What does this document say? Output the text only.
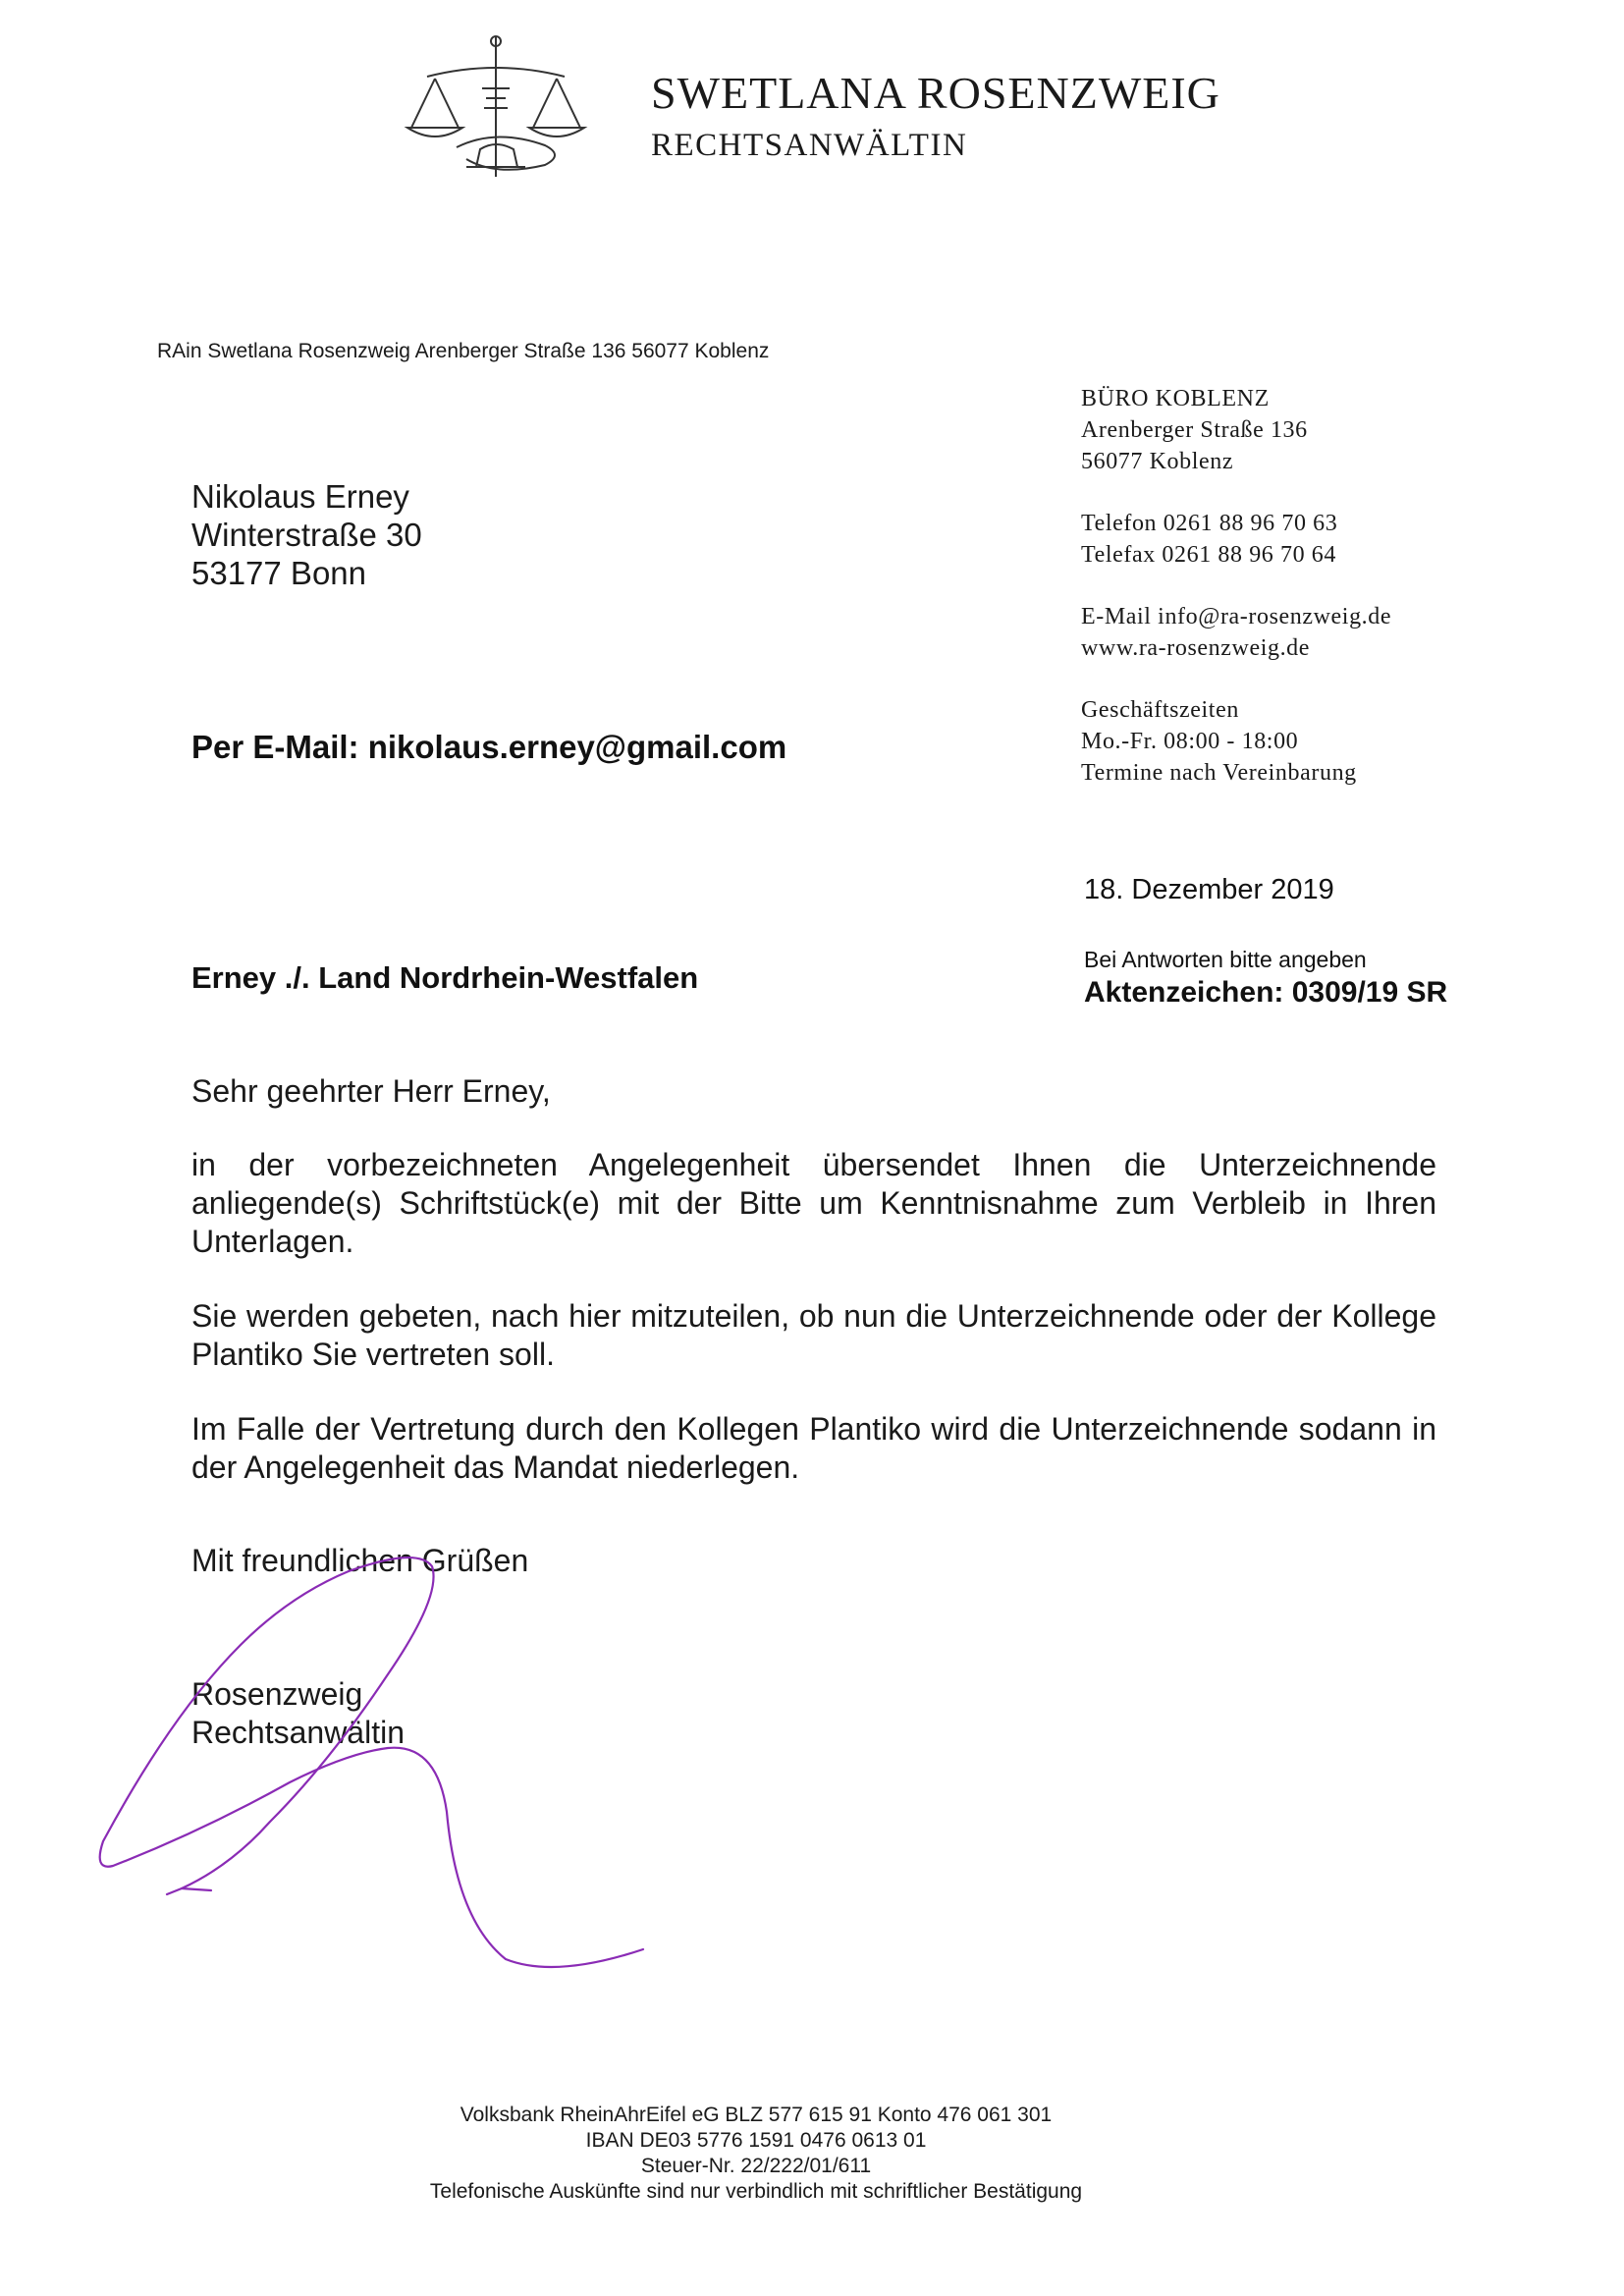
SWETLANA ROSENZWEIG
RECHTSANWÄLTIN
RAin Swetlana Rosenzweig Arenberger Straße 136 56077 Koblenz
Nikolaus Erney
Winterstraße 30
53177 Bonn
Per E-Mail: nikolaus.erney@gmail.com
BÜRO KOBLENZ
Arenberger Straße 136
56077 Koblenz
Telefon 0261 88 96 70 63
Telefax 0261 88 96 70 64
E-Mail info@ra-rosenzweig.de
www.ra-rosenzweig.de
Geschäftszeiten
Mo.-Fr. 08:00 - 18:00
Termine nach Vereinbarung
18. Dezember 2019
Bei Antworten bitte angeben
Aktenzeichen: 0309/19 SR
Erney ./. Land Nordrhein-Westfalen
Sehr geehrter Herr Erney,
in der vorbezeichneten Angelegenheit übersendet Ihnen die Unterzeichnende anliegende(s) Schriftstück(e) mit der Bitte um Kenntnisnahme zum Verbleib in Ihren Unterlagen.
Sie werden gebeten, nach hier mitzuteilen, ob nun die Unterzeichnende oder der Kollege Plantiko Sie vertreten soll.
Im Falle der Vertretung durch den Kollegen Plantiko wird die Unterzeichnende sodann in der Angelegenheit das Mandat niederlegen.
Mit freundlichen Grüßen
Rosenzweig
Rechtsanwältin
Volksbank RheinAhrEifel eG BLZ 577 615 91 Konto 476 061 301
IBAN DE03 5776 1591 0476 0613 01
Steuer-Nr. 22/222/01/611
Telefonische Auskünfte sind nur verbindlich mit schriftlicher Bestätigung
